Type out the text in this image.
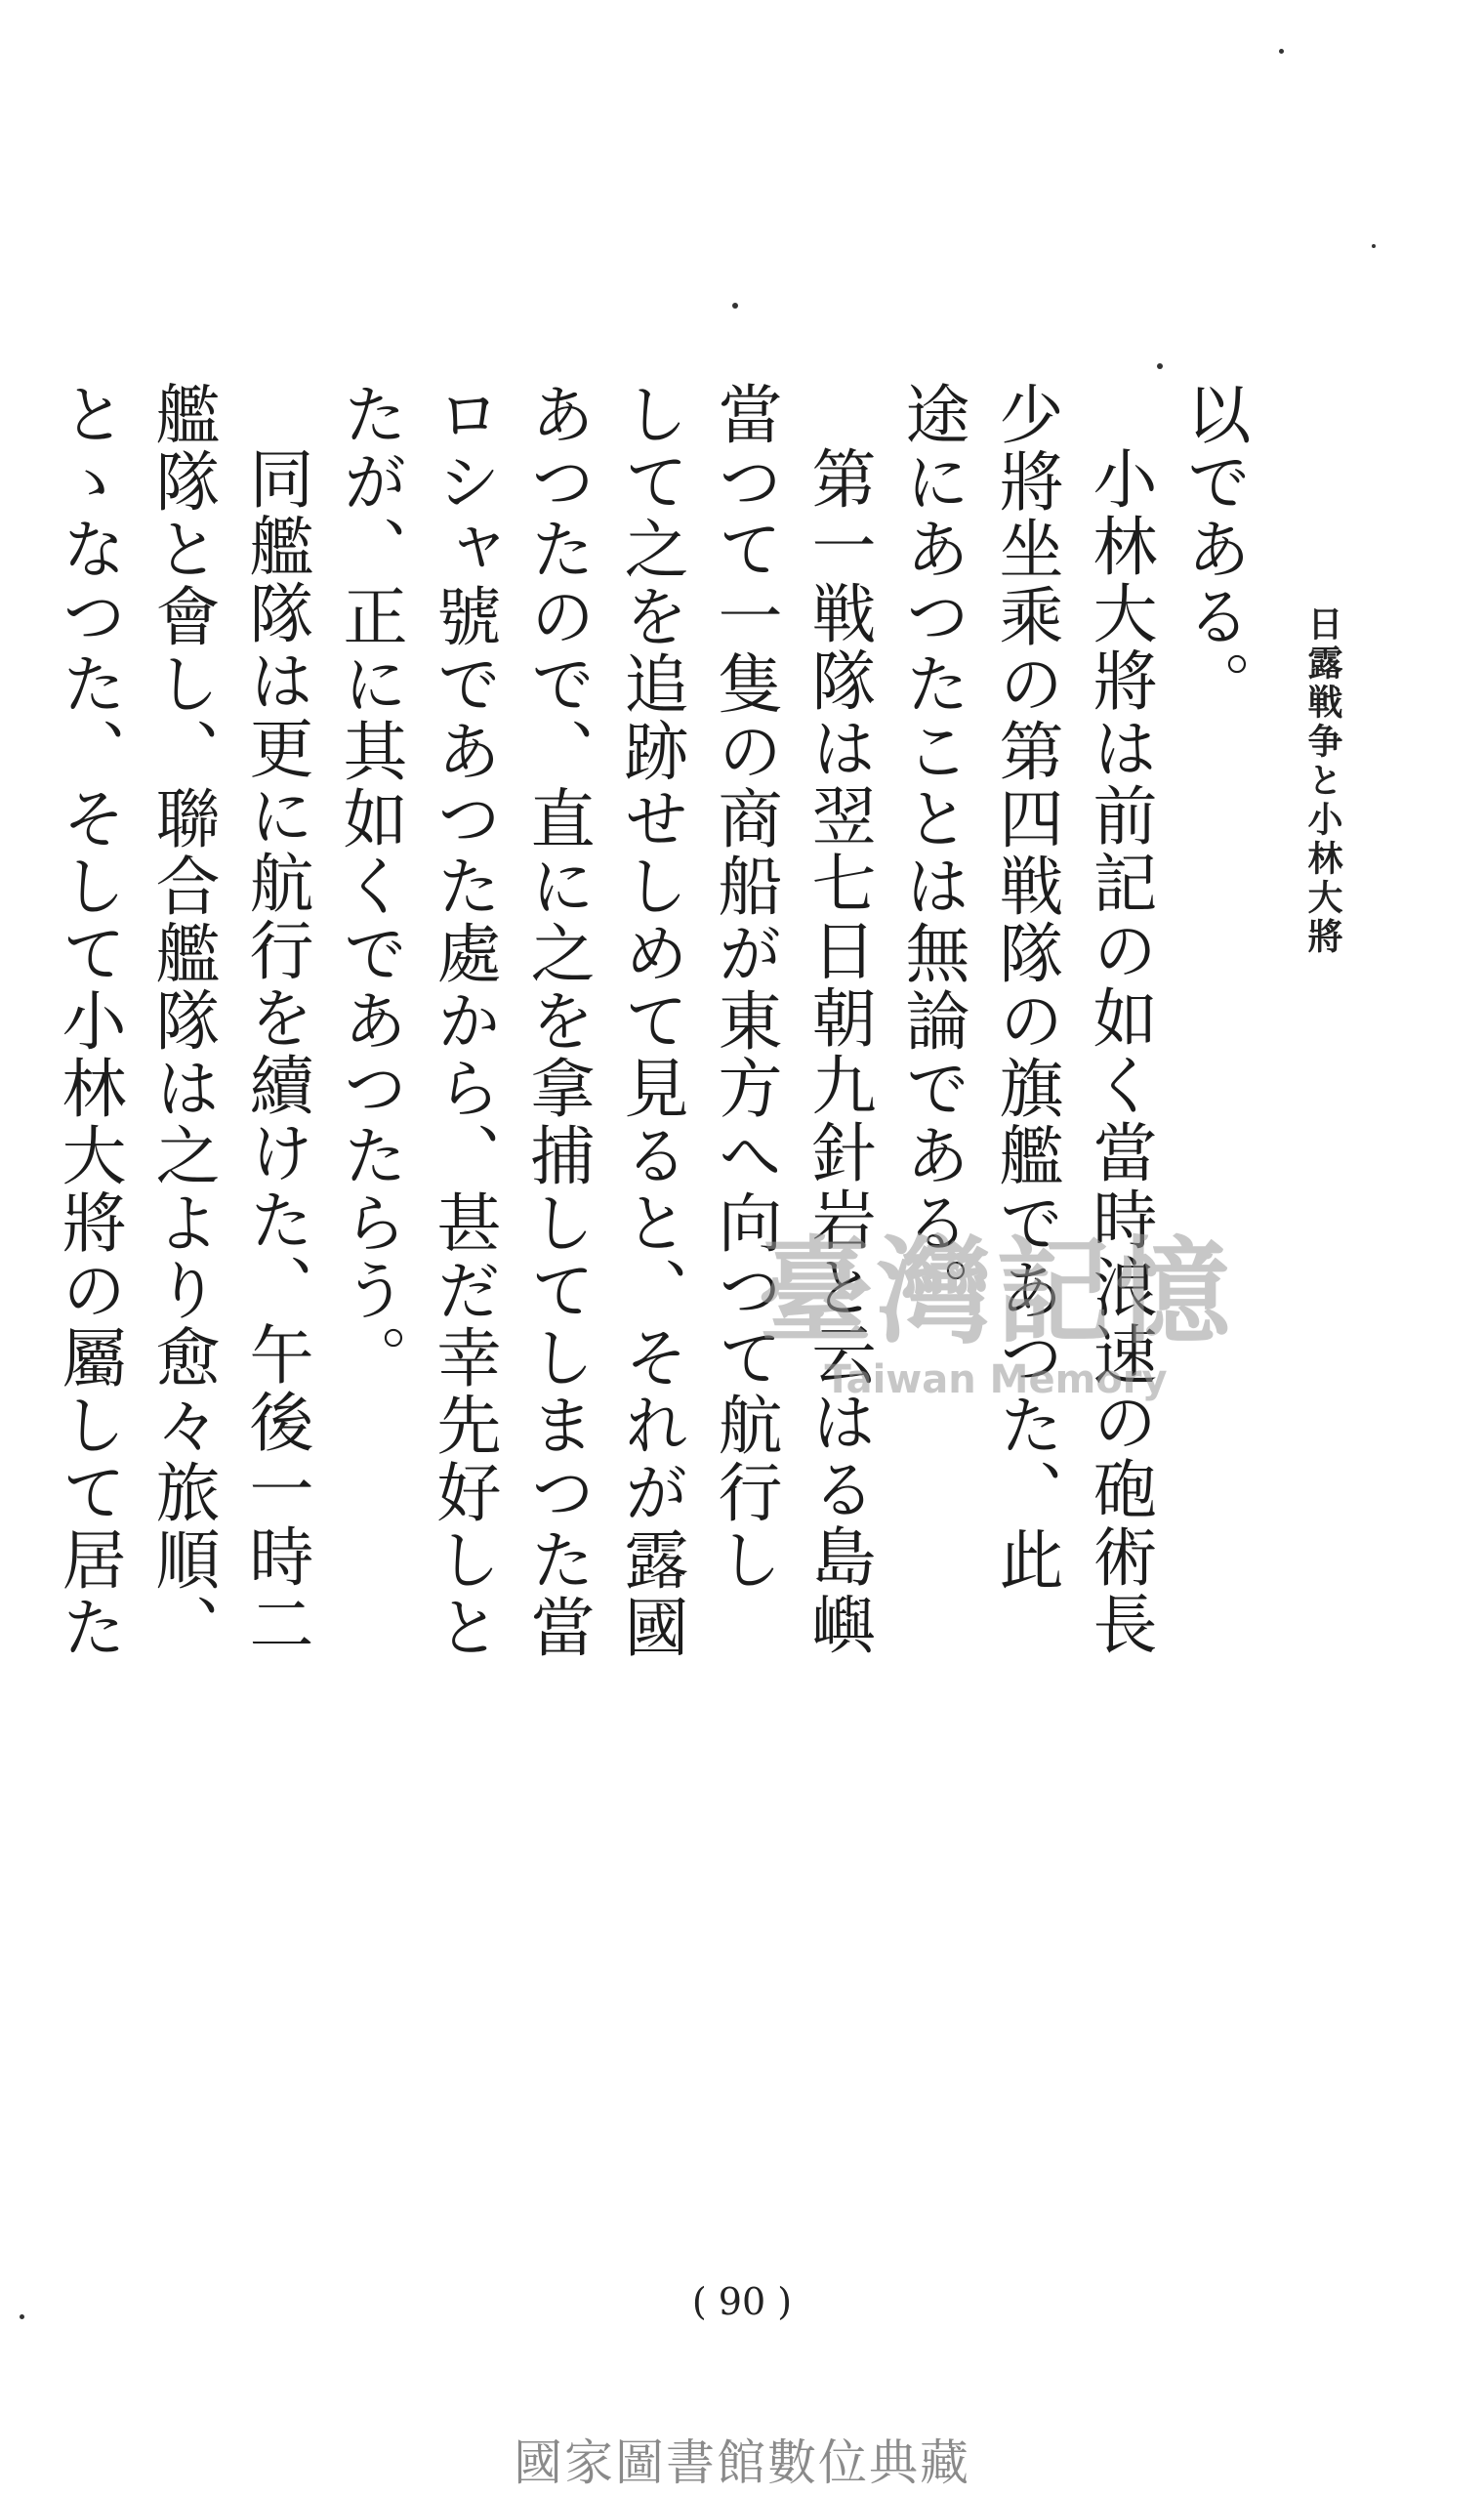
日露戦争と小林大將

以である。

小林大將は前記の如く當時浪速の砲術長

少將坐乘の第四戦隊の旗艦であつた、此

途にあつたことは無論である。

第一戦隊は翌七日朝九針岩と云はる島嶼

當つて一隻の商船が東方へ向つて航行し

して之を追跡せしめて見ると、それが露國

あつたので、直に之を拿捕してしまつた當

ロシャ號であつた處から、甚だ幸先好しと

たが、正に其如くであつたらう。

同艦隊は更に航行を續けた、午後一時二

艦隊と會し、聯合艦隊は之より愈々旅順、

とゝなつた、そして小林大將の屬して居た

( 90 )
臺灣記憶
Taiwan Memory
國家圖書館數位典藏
